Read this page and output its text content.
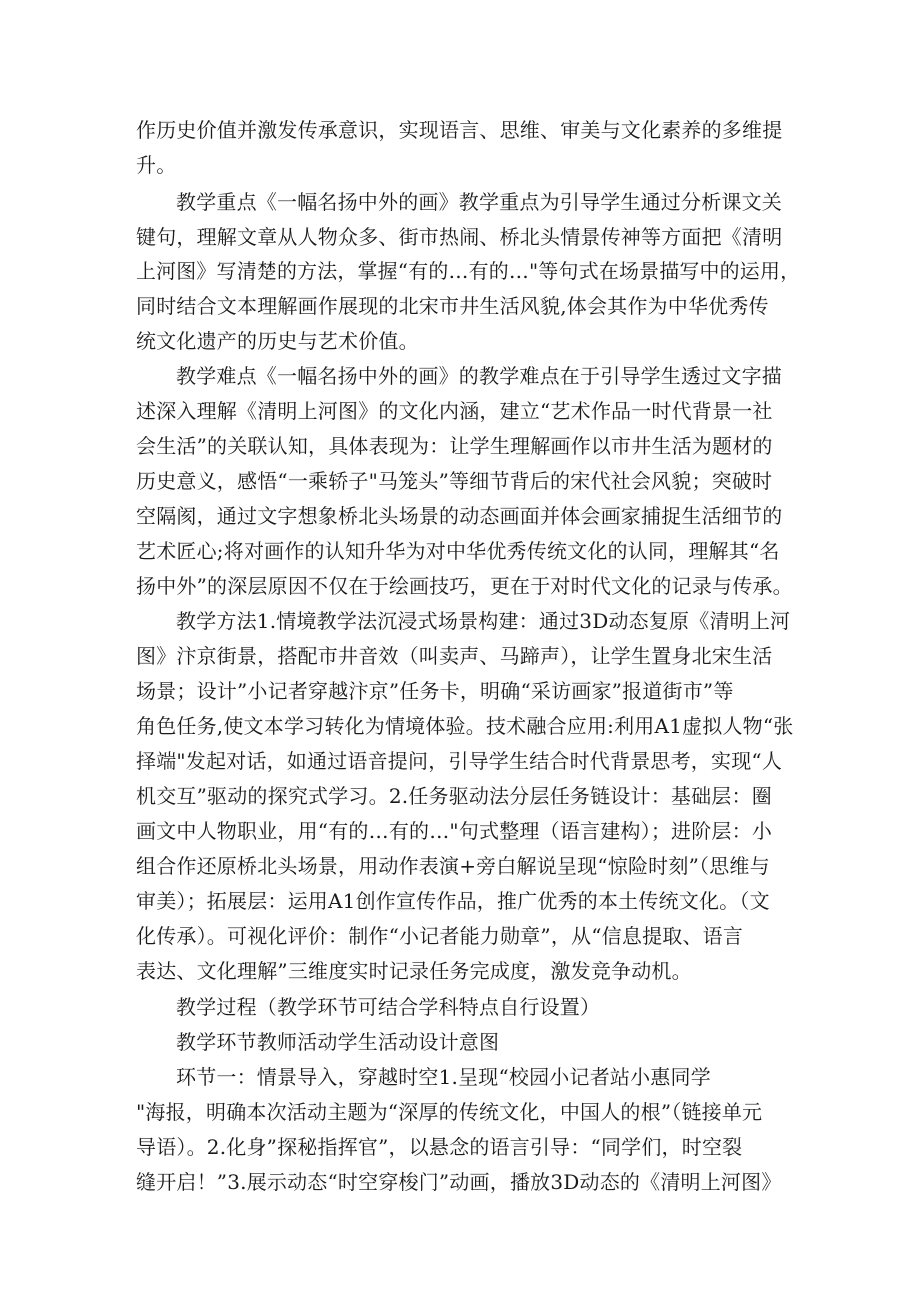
作历史价值并激发传承意识，实现语言、思维、审美与文化素养的多维提
升。
教学重点《一幅名扬中外的画》教学重点为引导学生通过分析课文关
键句，理解文章从人物众多、街市热闹、桥北头情景传神等方面把《清明
上河图》写清楚的方法，掌握“有的…有的…"等句式在场景描写中的运用，
同时结合文本理解画作展现的北宋市井生活风貌,体会其作为中华优秀传
统文化遗产的历史与艺术价值。
教学难点《一幅名扬中外的画》的教学难点在于引导学生透过文字描
述深入理解《清明上河图》的文化内涵，建立“艺术作品一时代背景一社
会生活”的关联认知，具体表现为：让学生理解画作以市井生活为题材的
历史意义，感悟“一乘轿子"马笼头”等细节背后的宋代社会风貌；突破时
空隔阂，通过文字想象桥北头场景的动态画面并体会画家捕捉生活细节的
艺术匠心;将对画作的认知升华为对中华优秀传统文化的认同，理解其“名
扬中外”的深层原因不仅在于绘画技巧，更在于对时代文化的记录与传承。
教学方法1.情境教学法沉浸式场景构建：通过3D动态复原《清明上河
图》汴京街景，搭配市井音效（叫卖声、马蹄声），让学生置身北宋生活
场景；设计”小记者穿越汴京”任务卡，明确“采访画家”报道街市”等
角色任务,使文本学习转化为情境体验。技术融合应用:利用A1虚拟人物“张
择端"发起对话，如通过语音提问，引导学生结合时代背景思考，实现“人
机交互”驱动的探究式学习。2.任务驱动法分层任务链设计：基础层：圈
画文中人物职业，用“有的…有的…"句式整理（语言建构）；进阶层：小
组合作还原桥北头场景，用动作表演+旁白解说呈现“惊险时刻”（思维与
审美）；拓展层：运用A1创作宣传作品，推广优秀的本土传统文化。（文
化传承）。可视化评价：制作“小记者能力勋章”，从“信息提取、语言
表达、文化理解”三维度实时记录任务完成度，激发竞争动机。
教学过程（教学环节可结合学科特点自行设置）
教学环节教师活动学生活动设计意图
环节一：情景导入，穿越时空1.呈现“校园小记者站小惠同学
"海报，明确本次活动主题为“深厚的传统文化，中国人的根”（链接单元
导语）。2.化身”探秘指挥官”，以悬念的语言引导：“同学们，时空裂
缝开启！”3.展示动态“时空穿梭门”动画，播放3D动态的《清明上河图》
